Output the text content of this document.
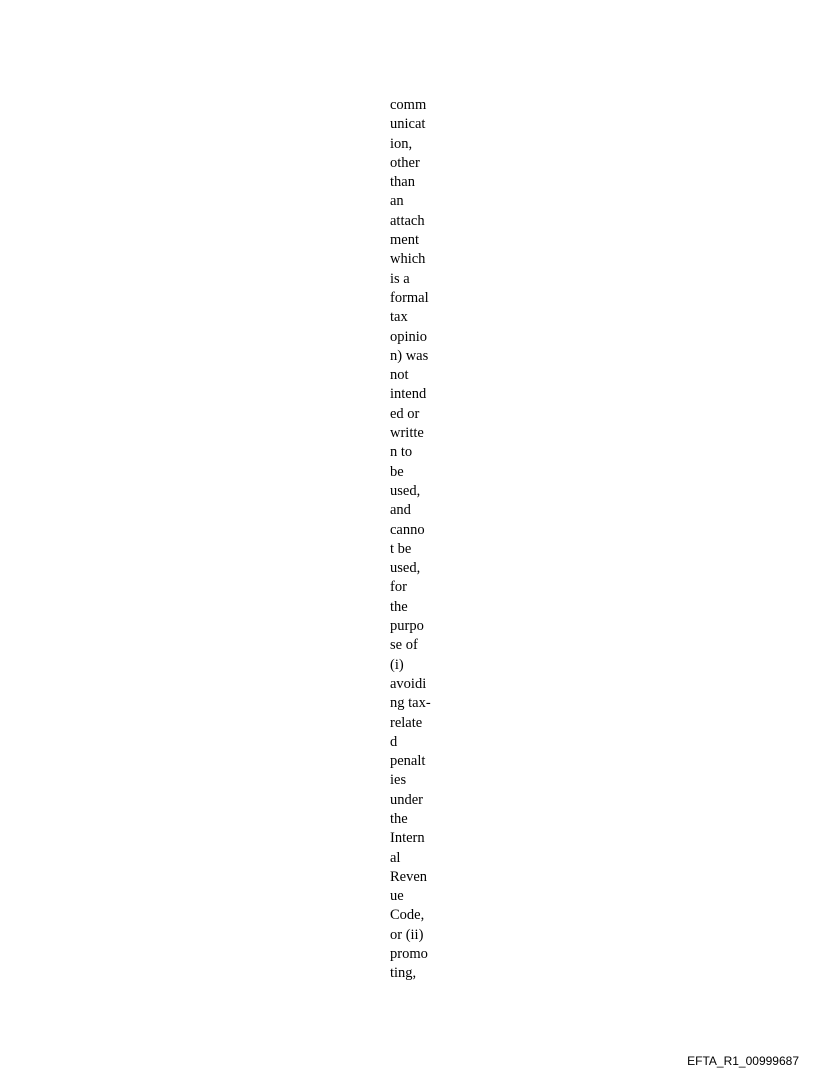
comm
unicat
ion,
other
than
an
attach
ment
which
is a
formal
tax
opinio
n) was
not
intend
ed or
writte
n to
be
used,
and
canno
t be
used,
for
the
purpo
se of
(i)
avoidi
ng tax-
relate
d
penalt
ies
under
the
Intern
al
Reven
ue
Code,
or (ii)
promo
ting,
EFTA_R1_00999687
